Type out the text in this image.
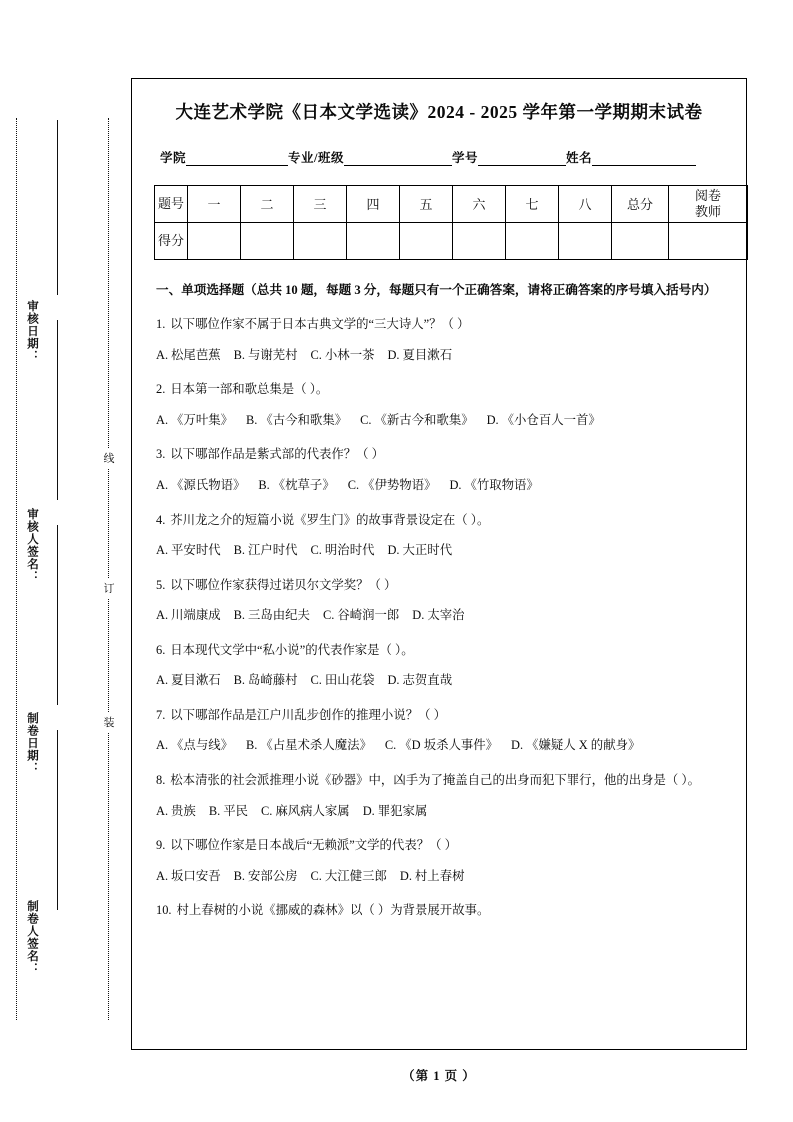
审核日期：
审核人签名：
制卷日期：
制卷人签名：
线
订
装
大连艺术学院《日本文学选读》2024 - 2025 学年第一学期期末试卷
学院	专业/班级	学号	姓名
题号	一	二	三	四	五	六	七	八	总分	阅卷
教师

得分										

一、单项选择题（总共 10 题，每题 3 分，每题只有一个正确答案，请将正确答案的序号填入括号内）
1. 以下哪位作家不属于日本古典文学的“三大诗人”？（ ）
A. 松尾芭蕉 B. 与谢芜村 C. 小林一茶 D. 夏目漱石
2. 日本第一部和歌总集是（ ）。
A. 《万叶集》 B. 《古今和歌集》 C. 《新古今和歌集》 D. 《小仓百人一首》
3. 以下哪部作品是紫式部的代表作？（ ）
A. 《源氏物语》 B. 《枕草子》 C. 《伊势物语》 D. 《竹取物语》
4. 芥川龙之介的短篇小说《罗生门》的故事背景设定在（ ）。
A. 平安时代 B. 江户时代 C. 明治时代 D. 大正时代
5. 以下哪位作家获得过诺贝尔文学奖？（ ）
A. 川端康成 B. 三岛由纪夫 C. 谷崎润一郎 D. 太宰治
6. 日本现代文学中“私小说”的代表作家是（ ）。
A. 夏目漱石 B. 岛崎藤村 C. 田山花袋 D. 志贺直哉
7. 以下哪部作品是江户川乱步创作的推理小说？（ ）
A. 《点与线》 B. 《占星术杀人魔法》 C. 《D 坂杀人事件》 D. 《嫌疑人 X 的献身》
8. 松本清张的社会派推理小说《砂器》中，凶手为了掩盖自己的出身而犯下罪行，他的出身是（ ）。
A. 贵族 B. 平民 C. 麻风病人家属 D. 罪犯家属
9. 以下哪位作家是日本战后“无赖派”文学的代表？（ ）
A. 坂口安吾 B. 安部公房 C. 大江健三郎 D. 村上春树
10. 村上春树的小说《挪威的森林》以（ ）为背景展开故事。
（第 1 页 ）
